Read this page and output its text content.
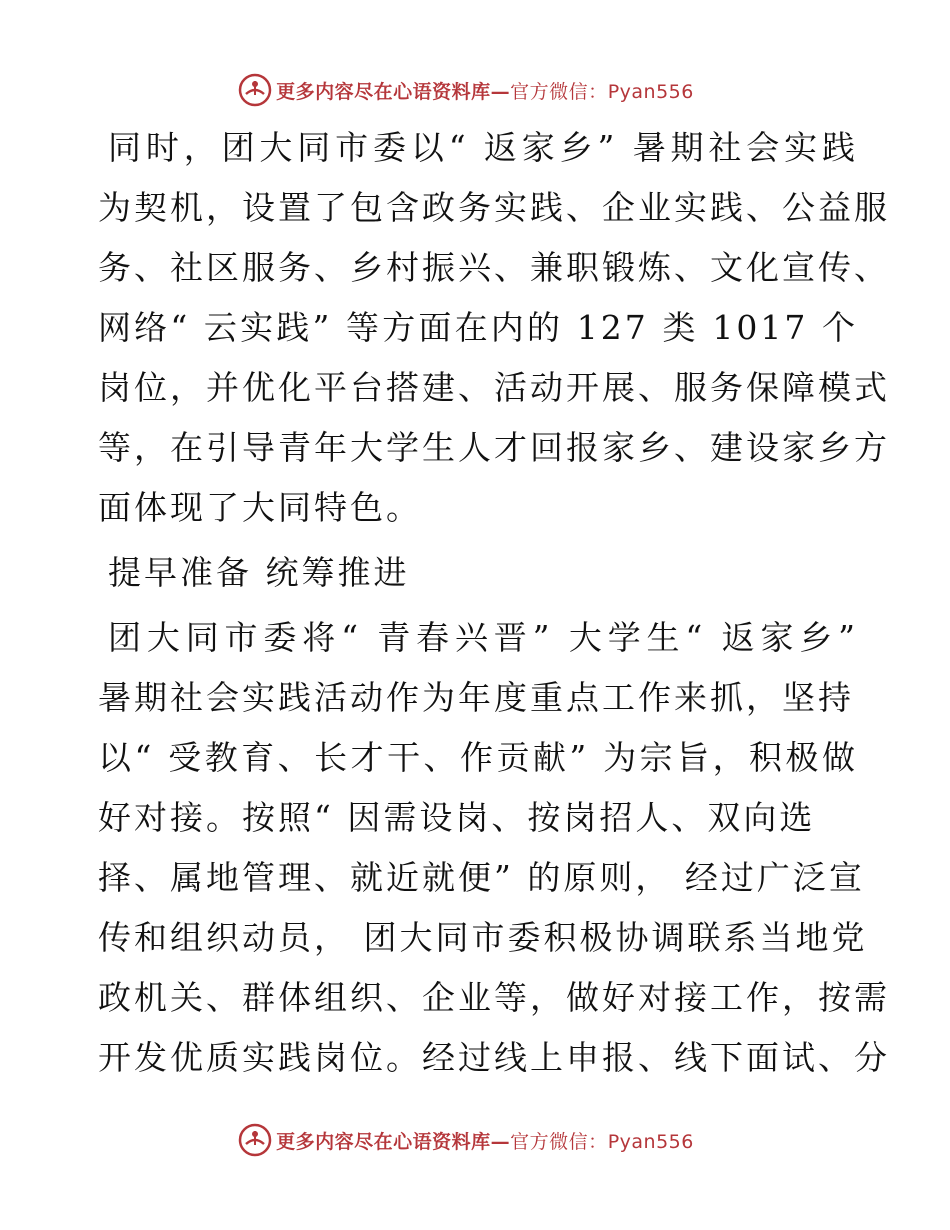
更多内容尽在心语资料库—官方微信：Pyan556
同时，团大同市委以“ 返家乡” 暑期社会实践
为契机，设置了包含政务实践、企业实践、公益服
务、社区服务、乡村振兴、兼职锻炼、文化宣传、
网络“ 云实践” 等方面在内的 127 类 1017 个
岗位，并优化平台搭建、活动开展、服务保障模式
等，在引导青年大学生人才回报家乡、建设家乡方
面体现了大同特色。
提早准备 统筹推进
团大同市委将“ 青春兴晋” 大学生“ 返家乡”
暑期社会实践活动作为年度重点工作来抓，坚持
以“ 受教育、长才干、作贡献” 为宗旨，积极做
好对接。按照“ 因需设岗、按岗招人、双向选
择、属地管理、就近就便” 的原则， 经过广泛宣
传和组织动员， 团大同市委积极协调联系当地党
政机关、群体组织、企业等，做好对接工作，按需
开发优质实践岗位。经过线上申报、线下面试、分
更多内容尽在心语资料库—官方微信：Pyan556
